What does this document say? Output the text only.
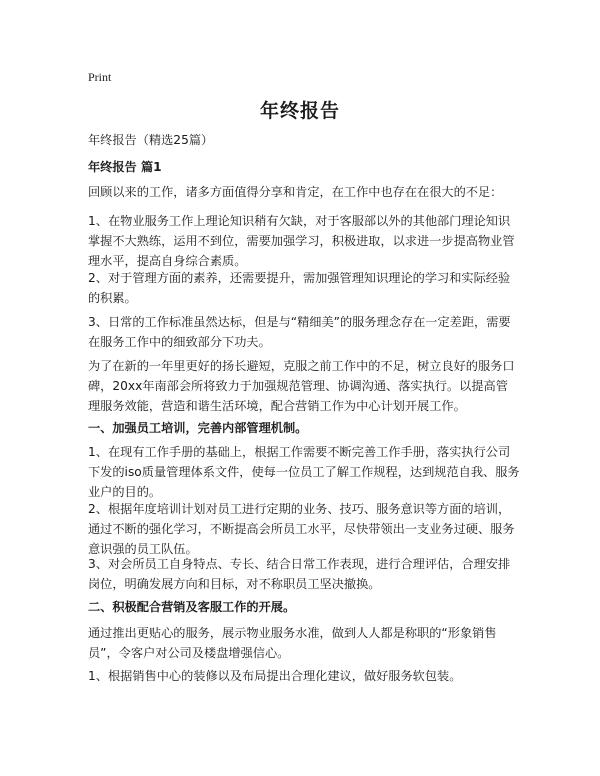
Print
年终报告
年终报告（精选25篇）
年终报告 篇1
回顾以来的工作，诸多方面值得分享和肯定，在工作中也存在在很大的不足：
1、在物业服务工作上理论知识稍有欠缺，对于客服部以外的其他部门理论知识掌握不大熟练，运用不到位，需要加强学习，积极进取，以求进一步提高物业管理水平，提高自身综合素质。
2、对于管理方面的素养，还需要提升，需加强管理知识理论的学习和实际经验的积累。
3、日常的工作标准虽然达标，但是与“精细美”的服务理念存在一定差距，需要在服务工作中的细致部分下功夫。
为了在新的一年里更好的扬长避短，克服之前工作中的不足，树立良好的服务口碑，20xx年南部会所将致力于加强规范管理、协调沟通、落实执行。以提高管理服务效能，营造和谐生活环境，配合营销工作为中心计划开展工作。
一、加强员工培训，完善内部管理机制。
1、在现有工作手册的基础上，根据工作需要不断完善工作手册，落实执行公司下发的iso质量管理体系文件，使每一位员工了解工作规程，达到规范自我、服务业户的目的。
2、根据年度培训计划对员工进行定期的业务、技巧、服务意识等方面的培训，通过不断的强化学习，不断提高会所员工水平，尽快带领出一支业务过硬、服务意识强的员工队伍。
3、对会所员工自身特点、专长、结合日常工作表现，进行合理评估，合理安排岗位，明确发展方向和目标，对不称职员工坚决撤换。
二、积极配合营销及客服工作的开展。
通过推出更贴心的服务，展示物业服务水准，做到人人都是称职的“形象销售员”，令客户对公司及楼盘增强信心。
1、根据销售中心的装修以及布局提出合理化建议，做好服务软包装。
